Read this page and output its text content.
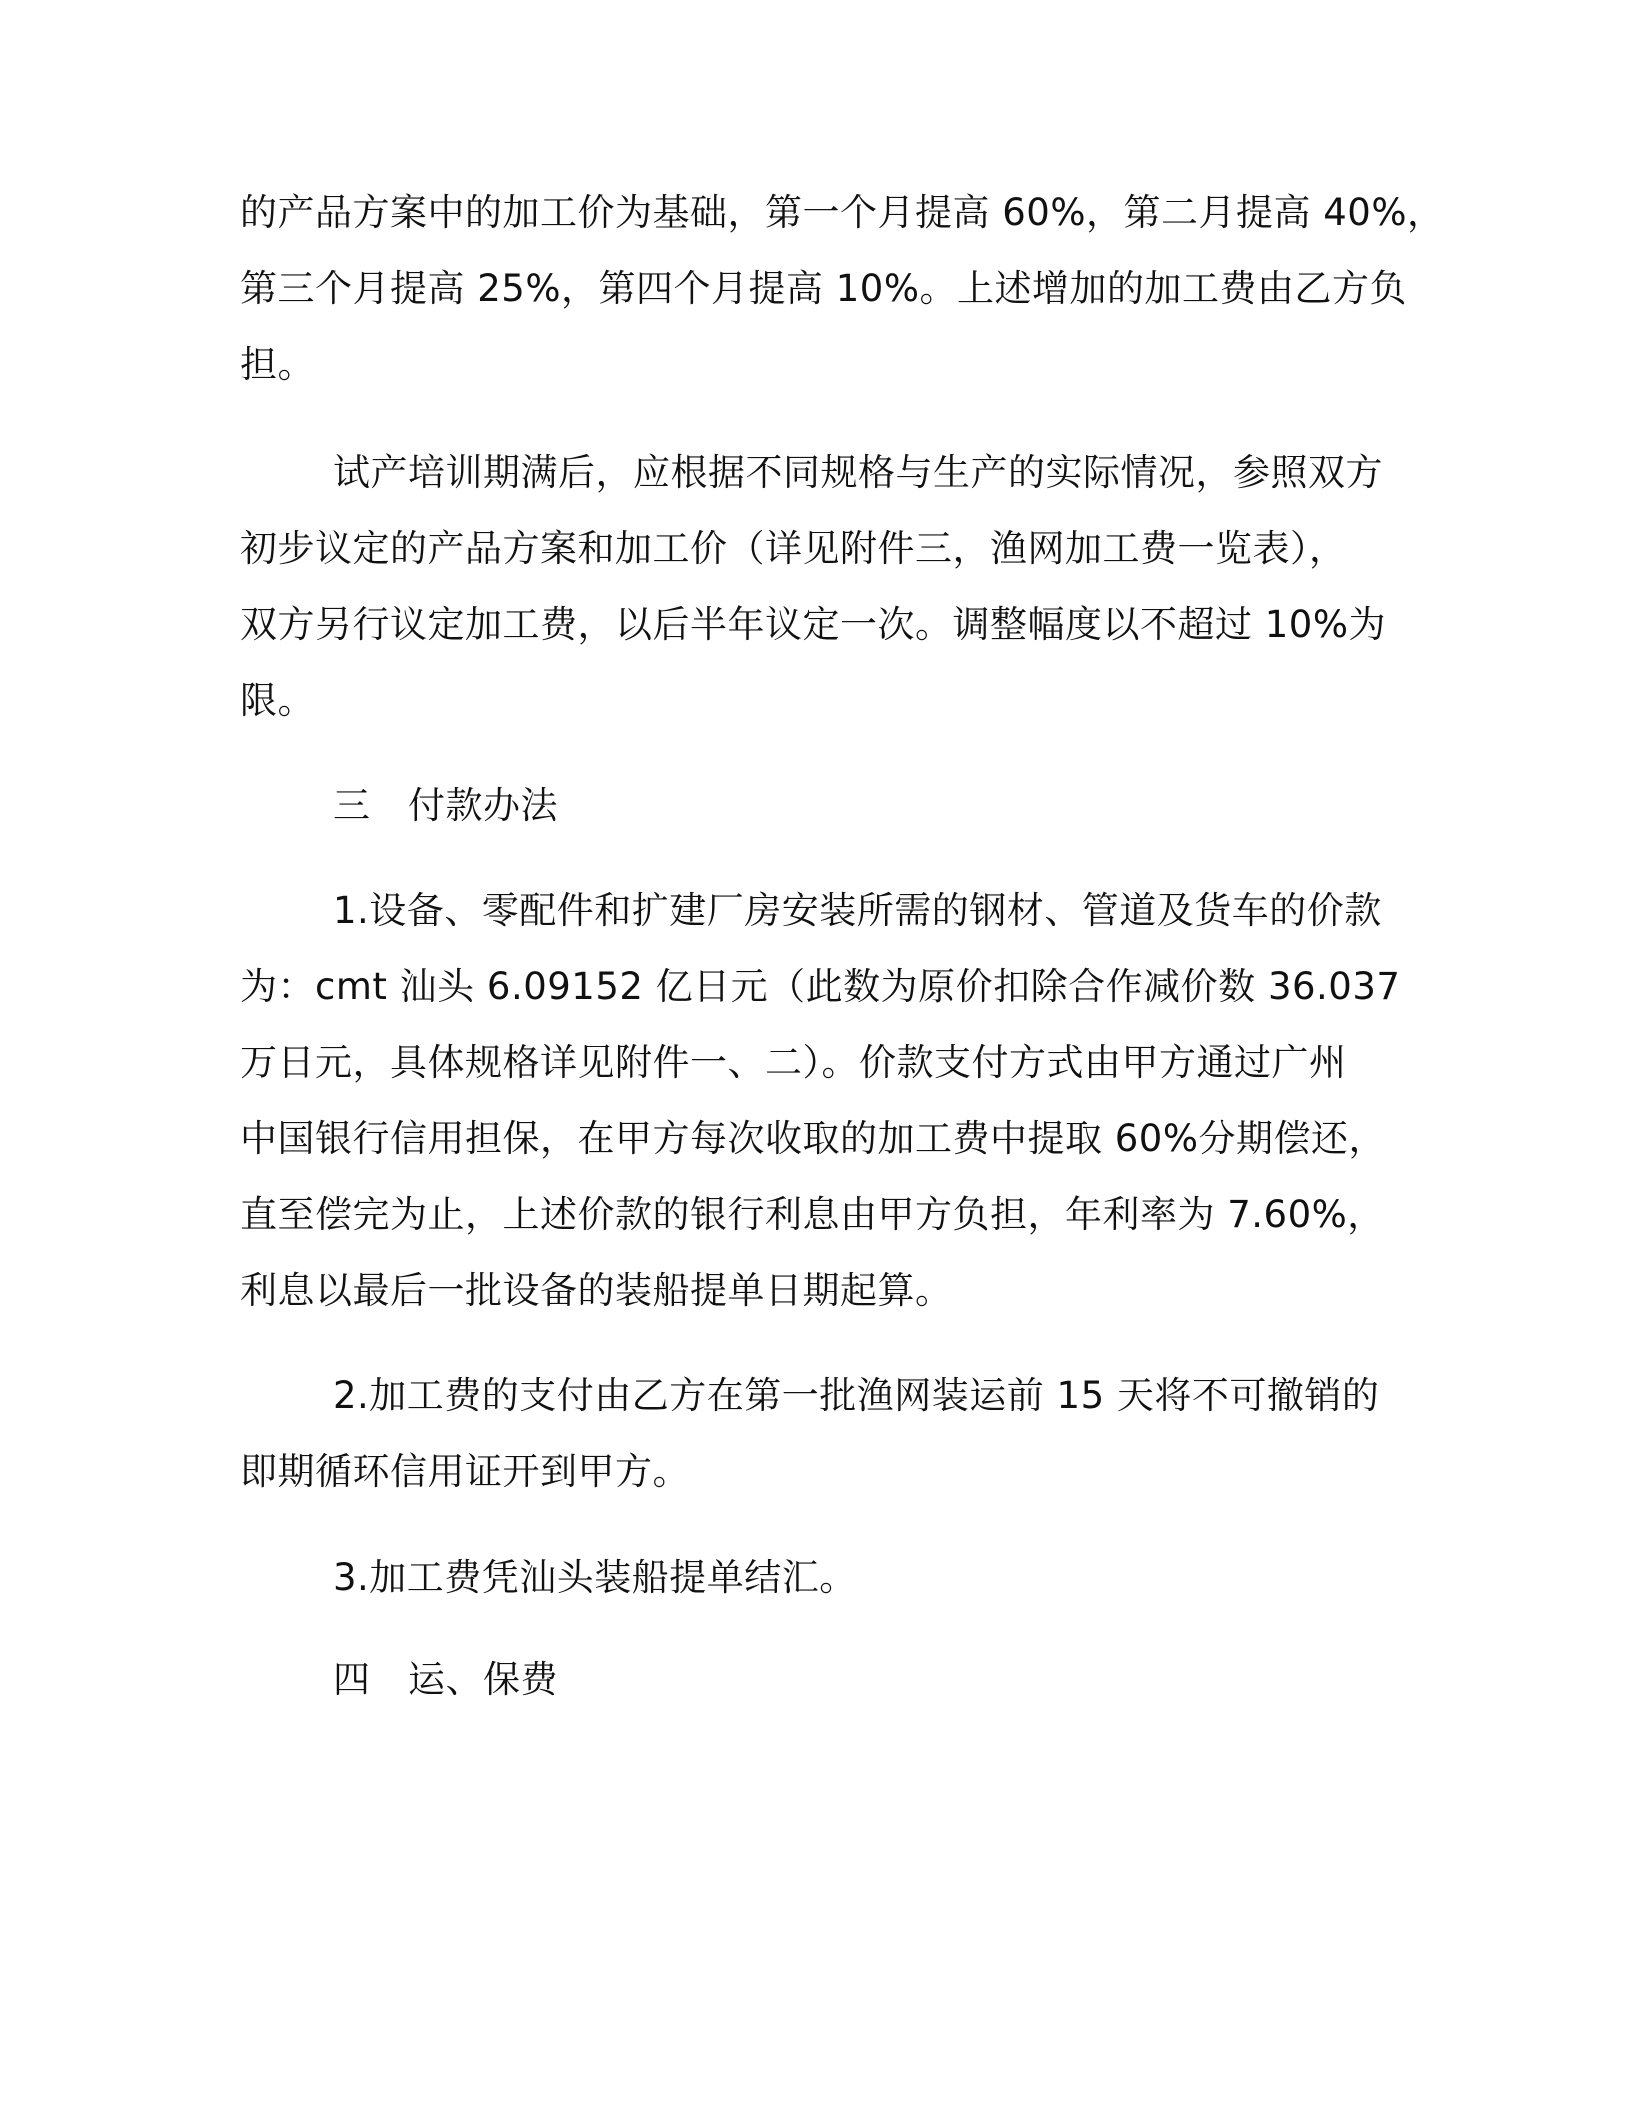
的产品方案中的加工价为基础，第一个月提高 60%，第二月提高 40%，
第三个月提高 25%，第四个月提高 10%。上述增加的加工费由乙方负
担。
试产培训期满后，应根据不同规格与生产的实际情况，参照双方
初步议定的产品方案和加工价（详见附件三，渔网加工费一览表），
双方另行议定加工费，以后半年议定一次。调整幅度以不超过 10%为
限。
三　付款办法
1.设备、零配件和扩建厂房安装所需的钢材、管道及货车的价款
为：cmt 汕头 6.09152 亿日元（此数为原价扣除合作减价数 36.037
万日元，具体规格详见附件一、二）。价款支付方式由甲方通过广州
中国银行信用担保，在甲方每次收取的加工费中提取 60%分期偿还，
直至偿完为止，上述价款的银行利息由甲方负担，年利率为 7.60%，
利息以最后一批设备的装船提单日期起算。
2.加工费的支付由乙方在第一批渔网装运前 15 天将不可撤销的
即期循环信用证开到甲方。
3.加工费凭汕头装船提单结汇。
四　运、保费
